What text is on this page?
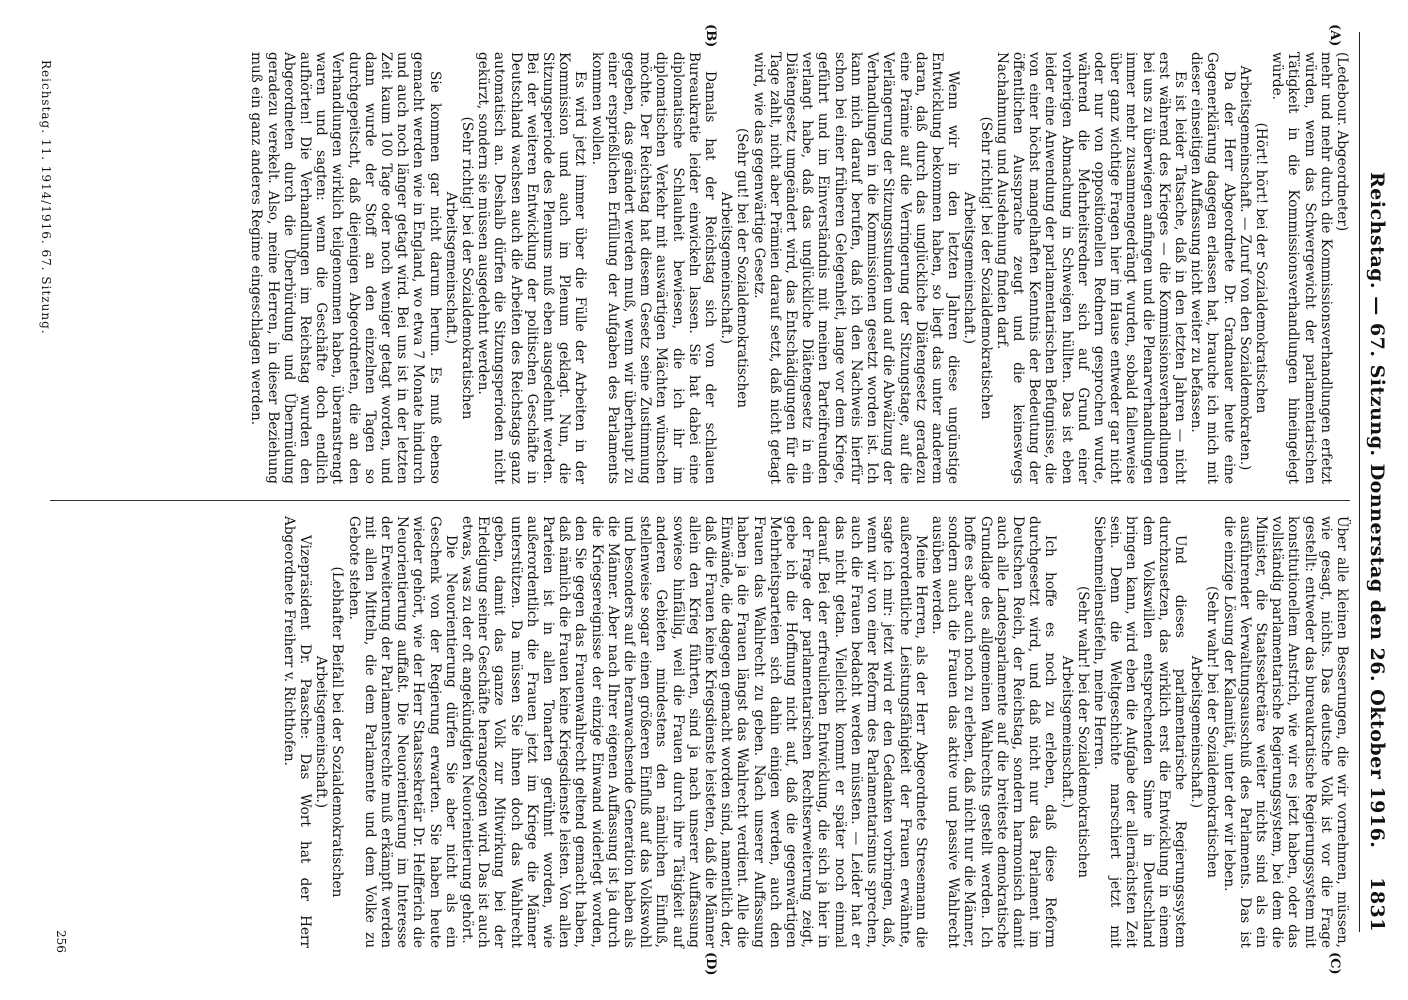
Reichstag. — 67. Sitzung. Donnerstag den 26. Oktober 1916.
1831
(A)
(B)
(C)
(D)

(Ledebour. Abgeordneter)

mehr und mehr durch die Kommissionsverhandlungen erfetzt würden, wenn das Schwergewicht der parlamentarischen Tätigkeit in die Kommissionsverhandlungen hineingelegt würde.

(Hört! hört! bei der Sozialdemokratischen Arbeitsgemeinschaft. — Zuruf von den Sozialdemokraten.)

Da der Herr Abgeordnete Dr. Gradnauer heute eine Gegenerklärung dagegen erlassen hat, brauche ich mich mit dieser einseitigen Auffassung nicht weiter zu befassen.

Es ist leider Tatsache, daß in den letzten Jahren — nicht erst während des Krieges — die Kommissionsverhandlungen bei uns zu überwiegen anfingen und die Plenarverhandlungen immer mehr zusammengedrängt wurden, sobald fallenweise über ganz wichtige Fragen hier im Hause entweder gar nicht oder nur von oppositionellen Rednern gesprochen wurde, während die Mehrheitsredner sich auf Grund einer vorherigen Abmachung in Schweigen hüllten. Das ist eben leider eine Anwendung der parlamentarischen Befugnisse, die von einer höchst mangelhaften Kenntnis der Bedeutung der öffentlichen Aussprache zeugt und die keineswegs Nachahmung und Ausdehnung finden darf.

(Sehr richtig! bei der Sozialdemokratischen Arbeitsgemeinschaft.)

Wenn wir in den letzten Jahren diese ungünstige Entwicklung bekommen haben, so liegt das unter anderem daran, daß durch das unglückliche Diätengesetz geradezu eine Prämie auf die Verringerung der Sitzungstage, auf die Verlängerung der Sitzungsstunden und auf die Abwälzung der Verhandlungen in die Kommissionen gesetzt worden ist. Ich kann mich darauf berufen, daß ich den Nachweis hierfür schon bei einer früheren Gelegenheit, lange vor dem Kriege, geführt und im Einverständnis mit meinen Parteifreunden verlangt habe, daß das unglückliche Diätengesetz in ein Diätengesetz umgeändert wird, das Entschädigungen für die Tage zahlt, nicht aber Prämien darauf setzt, daß nicht getagt wird, wie das gegenwärtige Gesetz.

(Sehr gut! bei der Sozialdemokratischen Arbeitsgemeinschaft.)

Damals hat der Reichstag sich von der schlauen Bureaukratie leider einwickeln lassen. Sie hat dabei eine diplomatische Schlauheit bewiesen, die ich ihr im diplomatischen Verkehr mit auswärtigen Mächten wünschen möchte. Der Reichstag hat diesem Gesetz seine Zustimmung gegeben, das geändert werden muß, wenn wir überhaupt zu einer ersprießlichen Erfüllung der Aufgaben des Parlaments kommen wollen.

Es wird jetzt immer über die Fülle der Arbeiten in der Kommission und auch im Plenum geklagt. Nun, die Sitzungsperiode des Plenums muß eben ausgedehnt werden. Bei der weiteren Entwicklung der politischen Geschäfte in Deutschland wachsen auch die Arbeiten des Reichstags ganz automatisch an. Deshalb dürfen die Sitzungsperioden nicht gekürzt, sondern sie müssen ausgedehnt werden.

(Sehr richtig! bei der Sozialdemokratischen Arbeitsgemeinschaft.)

Sie kommen gar nicht darum herum. Es muß ebenso gemacht werden wie in England, wo etwa 7 Monate hindurch und auch noch länger getagt wird. Bei uns ist in der letzten Zeit kaum 100 Tage oder noch weniger getagt worden, und dann wurde der Stoff an den einzelnen Tagen so durchgepeitscht, daß diejenigen Abgeordneten, die an den Verhandlungen wirklich teilgenommen haben, überanstrengt waren und sagten: wenn die Geschäfte doch endlich aufhörten! Die Verhandlungen im Reichstag wurden den Abgeordneten durch die Überbürdung und Übermüdung geradezu verekelt. Also, meine Herren, in dieser Beziehung muß ein ganz anderes Regime eingeschlagen werden.

Über alle kleinen Besserungen, die wir vornehmen, müssen, wie gesagt, nichts. Das deutsche Volk ist vor die Frage gestellt: entweder das bureaukratische Regierungssystem mit konstitutionellem Anstrich, wie wir es jetzt haben, oder das vollständig parlamentarische Regierungssystem, bei dem die Minister, die Staatssekretäre weiter nichts sind als ein ausführender Verwaltungsausschuß des Parlaments. Das ist die einzige Lösung der Kalamität, unter der wir leben.

(Sehr wahr! bei der Sozialdemokratischen Arbeitsgemeinschaft.)

Und dieses parlamentarische Regierungssystem durchzusetzen, das wirklich erst die Entwicklung in einem dem Volkswillen entsprechenden Sinne in Deutschland bringen kann, wird eben die Aufgabe der allernächsten Zeit sein. Denn die Weltgeschichte marschiert jetzt mit Siebenmeilenstiefeln, meine Herren.

(Sehr wahr! bei der Sozialdemokratischen Arbeitsgemeinschaft.)

Ich hoffe es noch zu erleben, daß diese Reform durchgesetzt wird, und daß nicht nur das Parlament im Deutschen Reich, der Reichstag, sondern harmonisch damit auch alle Landesparlamente auf die breiteste demokratische Grundlage des allgemeinen Wahlrechts gestellt werden. Ich hoffe es aber auch noch zu erleben, daß nicht nur die Männer, sondern auch die Frauen das aktive und passive Wahlrecht ausüben werden.

Meine Herren, als der Herr Abgeordnete Stresemann die außerordentliche Leistungsfähigkeit der Frauen erwähnte, sagte ich mir: jetzt wird er den Gedanken vorbringen, daß, wenn wir von einer Reform des Parlamentarismus sprechen, auch die Frauen bedacht werden müssten. — Leider hat er das nicht getan. Vielleicht kommt er später noch einmal darauf. Bei der erfreulichen Entwicklung, die sich ja hier in der Frage der parlamentarischen Rechtserweiterung zeigt, gebe ich die Hoffnung nicht auf, daß die gegenwärtigen Mehrheitsparteien sich dahin einigen werden, auch den Frauen das Wahlrecht zu geben. Nach unserer Auffassung haben ja die Frauen längst das Wahlrecht verdient. Alle die Einwände, die dagegen gemacht worden sind, namentlich der, daß die Frauen keine Kriegsdienste leisteten, daß die Männer allein den Krieg führten, sind ja nach unserer Auffassung sowieso hinfällig, weil die Frauen durch ihre Tätigkeit auf anderen Gebieten mindestens den nämlichen Einfluß, stellenweise sogar einen größeren Einfluß auf das Volkswohl und besonders auf die heranwachsende Generation haben als die Männer. Aber nach Ihrer eigenen Auffassung ist ja durch die Kriegsereignisse der einzige Einwand widerlegt worden, den Sie gegen das Frauenwahlrecht geltend gemacht haben, daß nämlich die Frauen keine Kriegsdienste leisten. Von allen Parteien ist in allen Tonarten gerühmt worden, wie außerordentlich die Frauen jetzt im Kriege die Männer unterstützen. Da müssen Sie ihnen doch das Wahlrecht geben, damit das ganze Volk zur Mitwirkung bei der Erledigung seiner Geschäfte herangezogen wird. Das ist auch etwas, was zu der oft angekündigten Neuorientierung gehört.

Die Neuorientierung dürfen Sie aber nicht als ein Geschenk von der Regierung erwarten. Sie haben heute wieder gehört, wie der Herr Staatssekretär Dr. Helfferich die Neuorientierung auffaßt. Die Neuorientierung im Interesse der Erweiterung der Parlamentsrechte muß erkämpft werden mit allen Mitteln, die dem Parlamente und dem Volke zu Gebote stehen.

(Lebhafter Beifall bei der Sozialdemokratischen Arbeitsgemeinschaft.)

Vizepräsident Dr. Paasche: Das Wort hat der Herr Abgeordnete Freiherr v. Richthofen.

Reichstag. 11. 1914/1916. 67. Sitzung.
256
